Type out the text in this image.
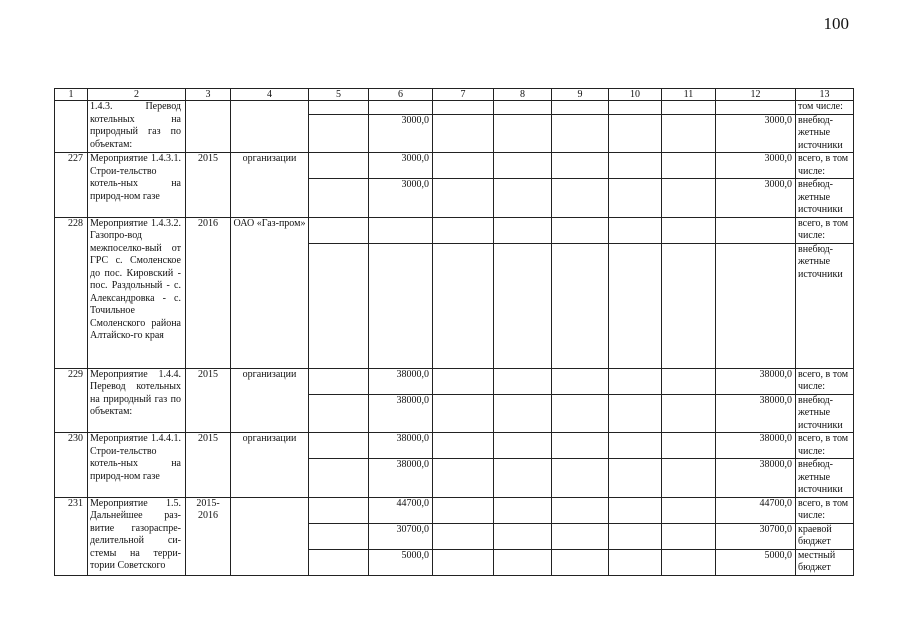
100
1	2	3	4	5	6	7	8	9	10	11	12	13
	1.4.3. Перевод котельных на природный газ по объектам:											том числе:
					3000,0						3000,0	внебюд-жетные источники
227	Мероприятие 1.4.3.1. Строи-тельство котель-ных на природ-ном газе	2015	организации		3000,0						3000,0	всего, в том числе:
					3000,0						3000,0	внебюд-жетные источники
228	Мероприятие 1.4.3.2. Газопро-вод межпоселко-вый от ГРС с. Смоленское до пос. Кировский - пос. Раздольный - с. Александровка - с. Точильное Смоленского района Алтайско-го края	2016	ОАО «Газ-пром»									всего, в том числе:
												внебюд-жетные источники
229	Мероприятие 1.4.4. Перевод котельных на природный газ по объектам:	2015	организации		38000,0						38000,0	всего, в том числе:
					38000,0						38000,0	внебюд-жетные источники
230	Мероприятие 1.4.4.1. Строи-тельство котель-ных на природ-ном газе	2015	организации		38000,0						38000,0	всего, в том числе:
					38000,0						38000,0	внебюд-жетные источники
231	Мероприятие 1.5. Дальнейшее раз-витие газораспре-делительной си-стемы на терри-тории Советского	2015-2016			44700,0						44700,0	всего, в том числе:
					30700,0						30700,0	краевой бюджет
					5000,0						5000,0	местный бюджет
